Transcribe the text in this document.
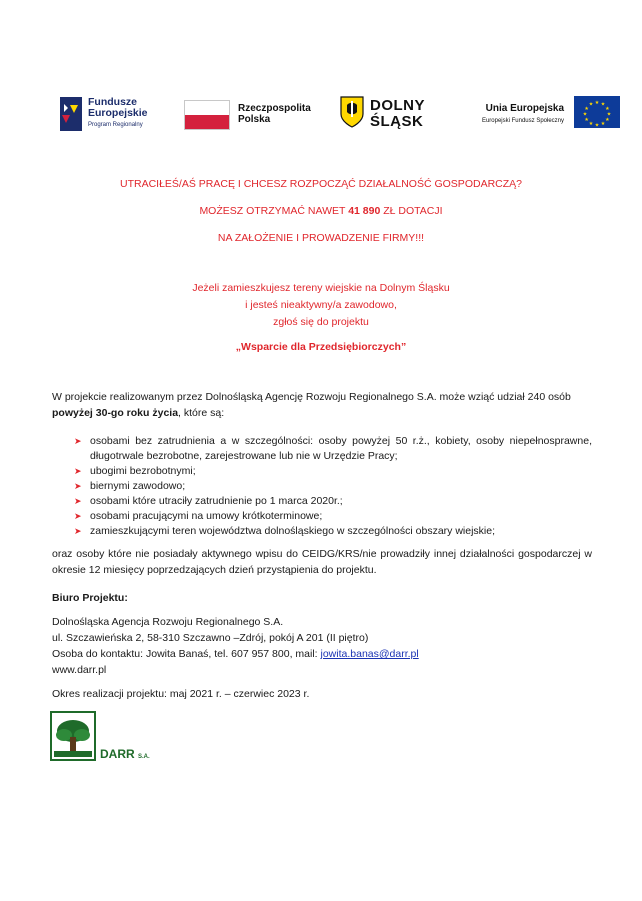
Fundusze
Europejskie
Program Regionalny
Rzeczpospolita
Polska
DOLNY
ŚLĄSK
Unia Europejska
Europejski Fundusz Społeczny
★ ★
★
★
★
★
★
★
★
★
★
★
UTRACIŁEŚ/AŚ PRACĘ I CHCESZ ROZPOCZĄĆ DZIAŁALNOŚĆ GOSPODARCZĄ?
MOŻESZ OTRZYMAĆ NAWET 41 890 ZŁ DOTACJI
NA ZAŁOŻENIE I PROWADZENIE FIRMY!!!
Jeżeli zamieszkujesz tereny wiejskie na Dolnym Śląsku
i jesteś nieaktywny/a zawodowo,
zgłoś się do projektu
„Wsparcie dla Przedsiębiorczych”
W projekcie realizowanym przez Dolnośląską Agencję Rozwoju Regionalnego S.A. może wziąć udział 240 osób powyżej 30-go roku życia, które są:
➤ osobami bez zatrudnienia a w szczególności: osoby powyżej 50 r.ż., kobiety, osoby niepełnosprawne, długotrwale bezrobotne, zarejestrowane lub nie w Urzędzie Pracy;
➤ ubogimi bezrobotnymi;
➤ biernymi zawodowo;
➤ osobami które utraciły zatrudnienie po 1 marca 2020r.;
➤ osobami pracującymi na umowy krótkoterminowe;
➤ zamieszkującymi teren województwa dolnośląskiego w szczególności obszary wiejskie;
oraz osoby które nie posiadały aktywnego wpisu do CEIDG/KRS/nie prowadziły innej działalności gospodarczej w okresie 12 miesięcy poprzedzających dzień przystąpienia do projektu.
Biuro Projektu:
Dolnośląska Agencja Rozwoju Regionalnego S.A.
ul. Szczawieńska 2, 58-310 Szczawno –Zdrój, pokój A 201 (II piętro)
Osoba do kontaktu: Jowita Banaś, tel. 607 957 800, mail: jowita.banas@darr.pl
www.darr.pl
Okres realizacji projektu: maj 2021 r. – czerwiec 2023 r.
DARR S.A.
